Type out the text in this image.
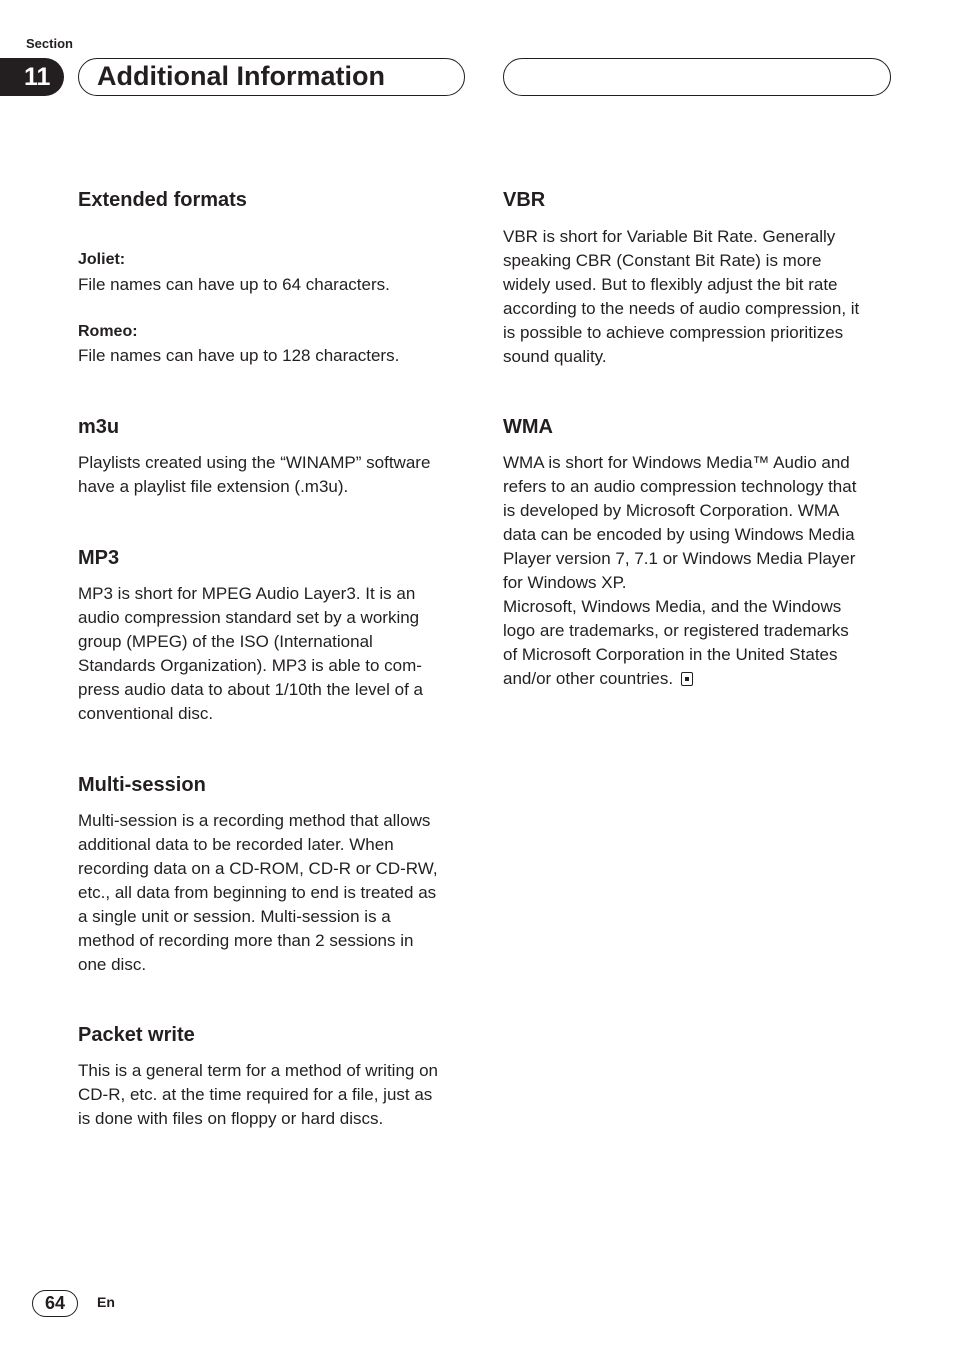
Section
11 Additional Information
Extended formats
Joliet:
File names can have up to 64 characters.
Romeo:
File names can have up to 128 characters.
m3u
Playlists created using the “WINAMP” software
have a playlist file extension (.m3u).
MP3
MP3 is short for MPEG Audio Layer3. It is an
audio compression standard set by a working
group (MPEG) of the ISO (International
Standards Organization). MP3 is able to com-
press audio data to about 1/10th the level of a
conventional disc.
Multi-session
Multi-session is a recording method that allows
additional data to be recorded later. When
recording data on a CD-ROM, CD-R or CD-RW,
etc., all data from beginning to end is treated as
a single unit or session. Multi-session is a
method of recording more than 2 sessions in
one disc.
Packet write
This is a general term for a method of writing on
CD-R, etc. at the time required for a file, just as
is done with files on floppy or hard discs.
VBR
VBR is short for Variable Bit Rate. Generally
speaking CBR (Constant Bit Rate) is more
widely used. But to flexibly adjust the bit rate
according to the needs of audio compression, it
is possible to achieve compression prioritizes
sound quality.
WMA
WMA is short for Windows Media™ Audio and
refers to an audio compression technology that
is developed by Microsoft Corporation. WMA
data can be encoded by using Windows Media
Player version 7, 7.1 or Windows Media Player
for Windows XP.
Microsoft, Windows Media, and the Windows
logo are trademarks, or registered trademarks
of Microsoft Corporation in the United States
and/or other countries.
64	En
